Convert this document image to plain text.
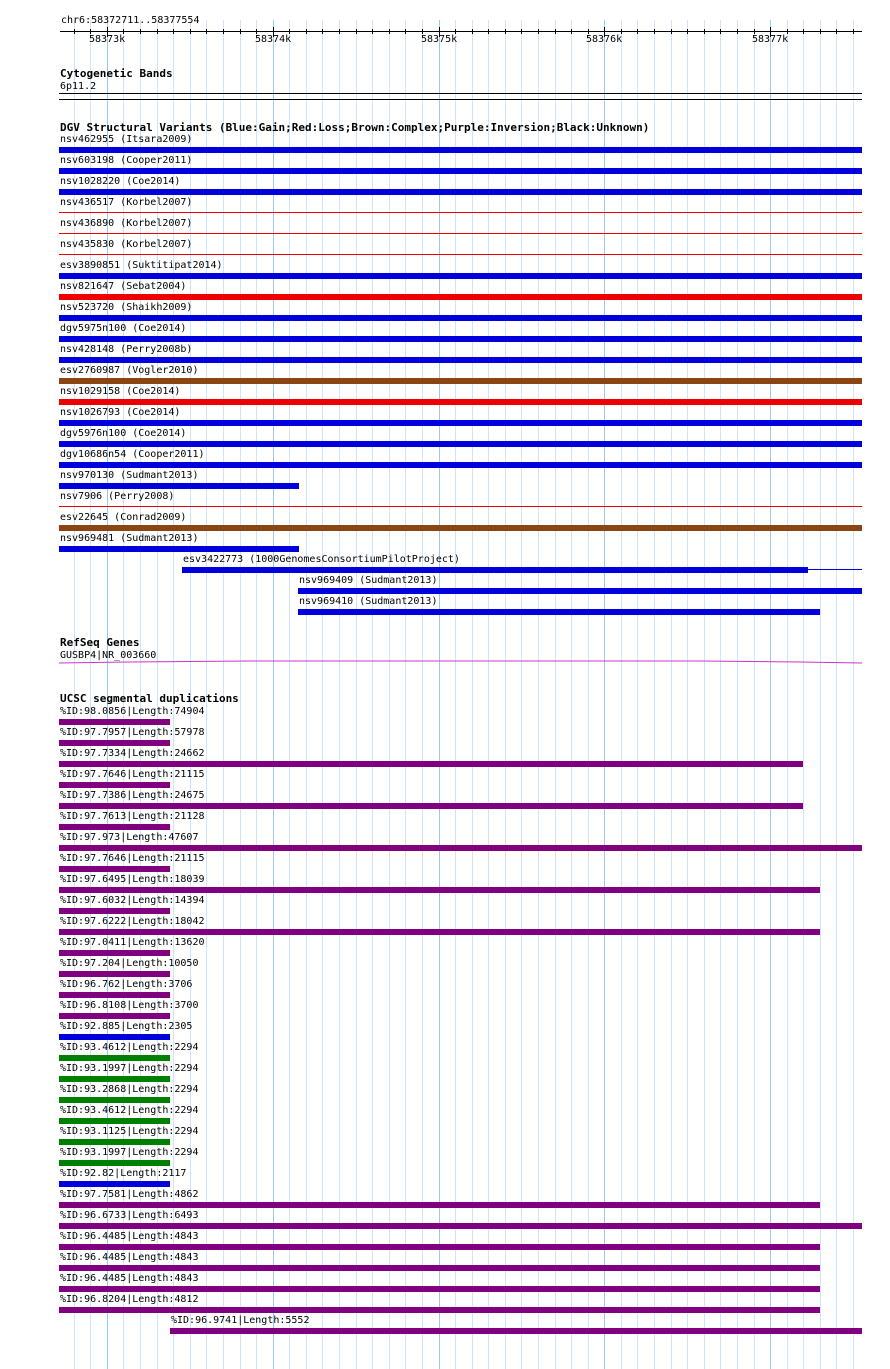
chr6:58372711..58377554
58373k	58374k	58375k	58376k	58377k
Cytogenetic Bands
6p11.2
DGV Structural Variants (Blue:Gain;Red:Loss;Brown:Complex;Purple:Inversion;Black:Unknown)
nsv462955 (Itsara2009)
nsv603198 (Cooper2011)
nsv1028220 (Coe2014)
nsv436517 (Korbel2007)
nsv436890 (Korbel2007)
nsv435830 (Korbel2007)
esv3890851 (Suktitipat2014)
nsv821647 (Sebat2004)
nsv523720 (Shaikh2009)
dgv5975n100 (Coe2014)
nsv428148 (Perry2008b)
esv2760987 (Vogler2010)
nsv1029158 (Coe2014)
nsv1026793 (Coe2014)
dgv5976n100 (Coe2014)
dgv10686n54 (Cooper2011)
nsv970130 (Sudmant2013)
nsv7906 (Perry2008)
esv22645 (Conrad2009)
nsv969481 (Sudmant2013)
esv3422773 (1000GenomesConsortiumPilotProject)
nsv969409 (Sudmant2013)
nsv969410 (Sudmant2013)
RefSeq Genes
GUSBP4|NR_003660
UCSC segmental duplications
%ID:98.0856|Length:74904
%ID:97.7957|Length:57978
%ID:97.7334|Length:24662
%ID:97.7646|Length:21115
%ID:97.7386|Length:24675
%ID:97.7613|Length:21128
%ID:97.973|Length:47607
%ID:97.7646|Length:21115
%ID:97.6495|Length:18039
%ID:97.6032|Length:14394
%ID:97.6222|Length:18042
%ID:97.0411|Length:13620
%ID:97.204|Length:10050
%ID:96.762|Length:3706
%ID:96.8108|Length:3700
%ID:92.885|Length:2305
%ID:93.4612|Length:2294
%ID:93.1997|Length:2294
%ID:93.2868|Length:2294
%ID:93.4612|Length:2294
%ID:93.1125|Length:2294
%ID:93.1997|Length:2294
%ID:92.82|Length:2117
%ID:97.7581|Length:4862
%ID:96.6733|Length:6493
%ID:96.4485|Length:4843
%ID:96.4485|Length:4843
%ID:96.4485|Length:4843
%ID:96.8204|Length:4812
%ID:96.9741|Length:5552
